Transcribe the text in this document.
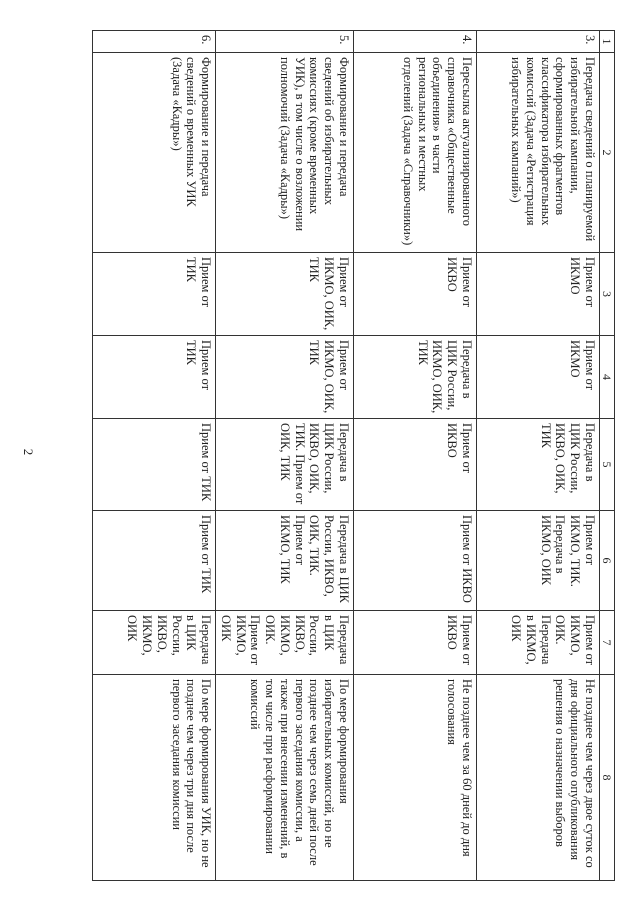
2
1	2	3	4	5	6	7	8
3.	Передача сведений о планируемой избирательной кампании, сформированных фрагментов классификатора избирательных комиссий (Задача «Регистрация избирательных кампаний»)	Прием от ИКМО	Прием от ИКМО	Передача в ЦИК России, ИКВО, ОИК, ТИК	Прием от ИКМО, ТИК. Передача в ИКМО, ОИК	Прием от ИКМО, ОИК. Передача в ИКМО, ОИК	Не позднее чем через двое суток со дня официального опубликования решения о назначении выборов
4.	Пересылка актуализированного справочника «Общественные объединения» в части региональных и местных отделений (Задача «Справочники»)	Прием от ИКВО	Передача в ЦИК России, ИКМО, ОИК, ТИК	Прием от ИКВО	Прием от ИКВО	Прием от ИКВО	Не позднее чем за 60 дней до дня голосования
5.	Формирование и передача сведений об избирательных комиссиях (кроме временных УИК), в том числе о возложении полномочий (Задача «Кадры»)	Прием от ИКМО, ОИК, ТИК	Прием от ИКМО, ОИК, ТИК	Передача в ЦИК России, ИКВО, ОИК, ТИК. Прием от ОИК, ТИК	Передача в ЦИК России, ИКВО, ОИК, ТИК. Прием от ИКМО, ТИК	Передача в ЦИК России, ИКВО, ИКМО, ОИК. Прием от ИКМО, ОИК	По мере формирования избирательных комиссий, но не позднее чем через семь дней после первого заседания комиссии, а также при внесении изменений, в том числе при расформировании комиссий
6.	Формирование и передача сведений о временных УИК (Задача «Кадры»)	Прием от ТИК	Прием от ТИК	Прием от ТИК	Прием от ТИК	Передача в ЦИК России, ИКВО, ИКМО, ОИК	По мере формирования УИК, но не позднее чем через три дня после первого заседания комиссии
